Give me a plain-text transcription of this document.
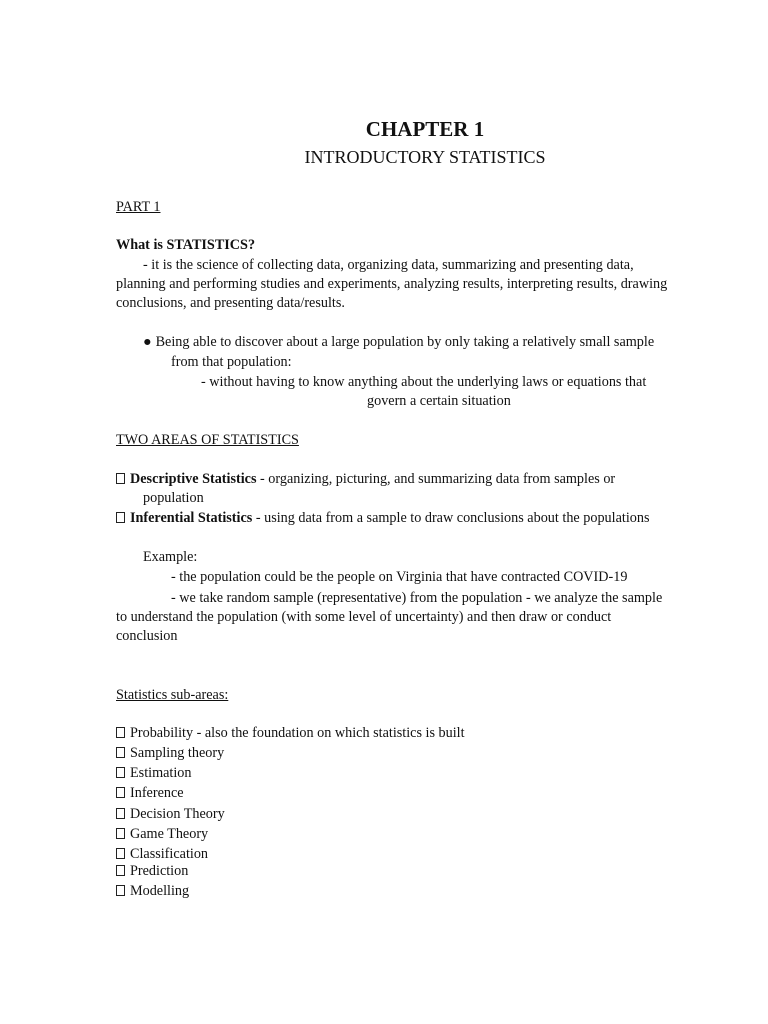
CHAPTER 1
INTRODUCTORY STATISTICS
PART 1
What is STATISTICS?
- it is the science of collecting data, organizing data, summarizing and presenting data,
planning and performing studies and experiments, analyzing results, interpreting results, drawing
conclusions, and presenting data/results.
● Being able to discover about a large population by only taking a relatively small sample
from that population:
- without having to know anything about the underlying laws or equations that
govern a certain situation
TWO AREAS OF STATISTICS
Descriptive Statistics - organizing, picturing, and summarizing data from samples or
population
Inferential Statistics - using data from a sample to draw conclusions about the populations
Example:
- the population could be the people on Virginia that have contracted COVID-19
- we take random sample (representative) from the population - we analyze the sample
to understand the population (with some level of uncertainty) and then draw or conduct
conclusion
Statistics sub-areas:
Probability - also the foundation on which statistics is built
Sampling theory
Estimation
Inference
Decision Theory
Game Theory
Classification
Prediction
Modelling
